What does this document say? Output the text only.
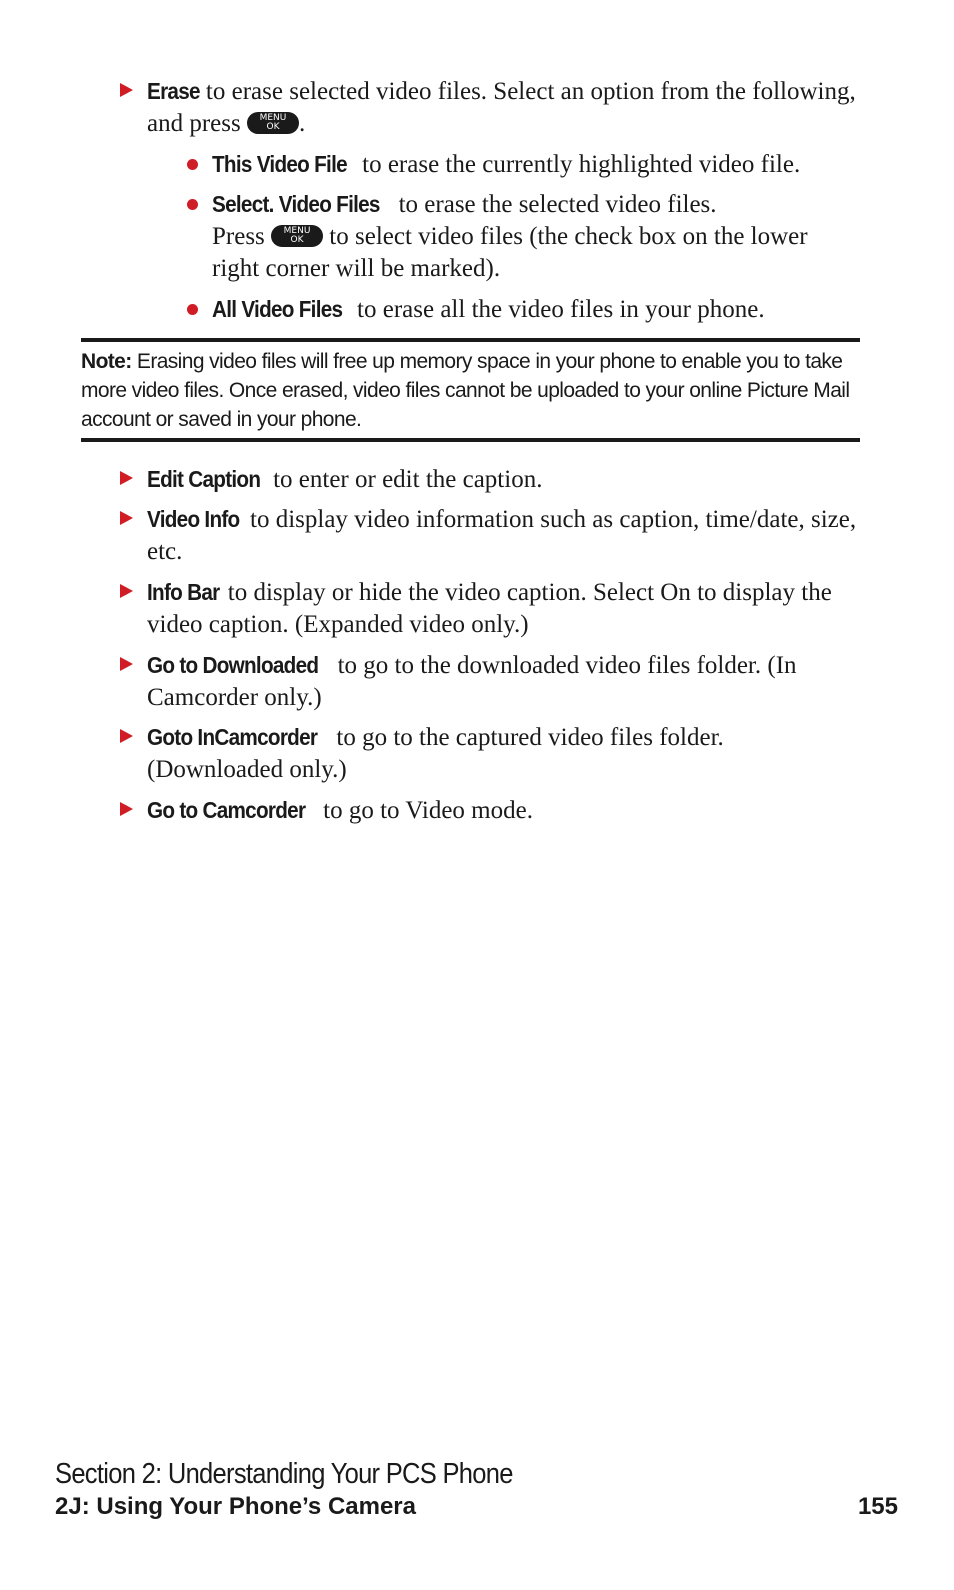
Erase to erase selected video files. Select an option from the following, and press	MENU
OK .
This Video File to erase the currently highlighted video file.
Select. Video Files to erase the selected video files.
Press	MENU
OK to select video files (the check box on the lower right corner will be marked).
All Video Files to erase all the video files in your phone.
Note: Erasing video files will free up memory space in your phone to enable you to take more video files. Once erased, video files cannot be uploaded to your online Picture Mail account or saved in your phone.
Edit Caption to enter or edit the caption.
Video Info to display video information such as caption, time/date, size, etc.
Info Bar to display or hide the video caption. Select On to display the video caption. (Expanded video only.)
Go to Downloaded to go to the downloaded video files folder. (In Camcorder only.)
Goto InCamcorder to go to the captured video files folder. (Downloaded only.)
Go to Camcorder to go to Video mode.
Section 2: Understanding Your PCS Phone
2J: Using Your Phone’s Camera	155
